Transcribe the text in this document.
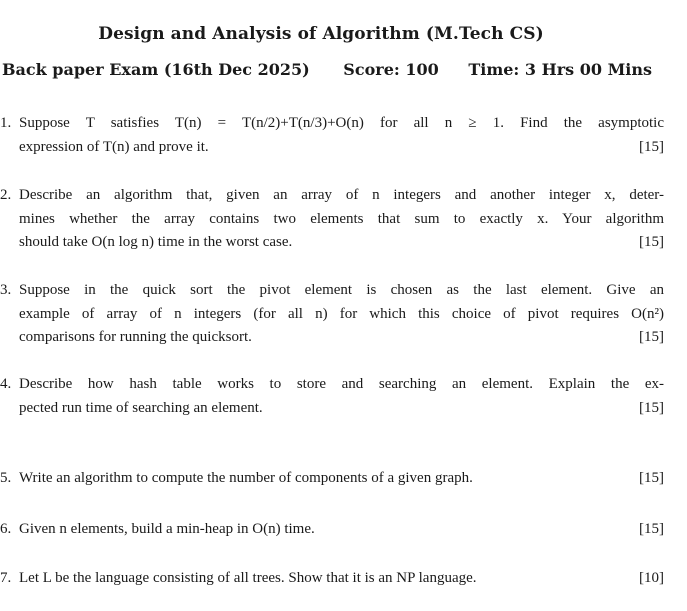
Design and Analysis of Algorithm (M.Tech CS)
Back paper Exam (16th Dec 2025) Score: 100 Time: 3 Hrs 00 Mins
1. Suppose T satisfies T(n) = T(n/2)+T(n/3)+O(n) for all n ≥ 1. Find the asymptotic
expression of T(n) and prove it.	[15]
2. Describe an algorithm that, given an array of n integers and another integer x, deter-
mines whether the array contains two elements that sum to exactly x. Your algorithm
should take O(n log n) time in the worst case.	[15]
3. Suppose in the quick sort the pivot element is chosen as the last element. Give an
example of array of n integers (for all n) for which this choice of pivot requires O(n²)
comparisons for running the quicksort.	[15]
4. Describe how hash table works to store and searching an element. Explain the ex-
pected run time of searching an element.	[15]
5. Write an algorithm to compute the number of components of a given graph.	[15]
6. Given n elements, build a min-heap in O(n) time.	[15]
7. Let L be the language consisting of all trees. Show that it is an NP language.	[10]
